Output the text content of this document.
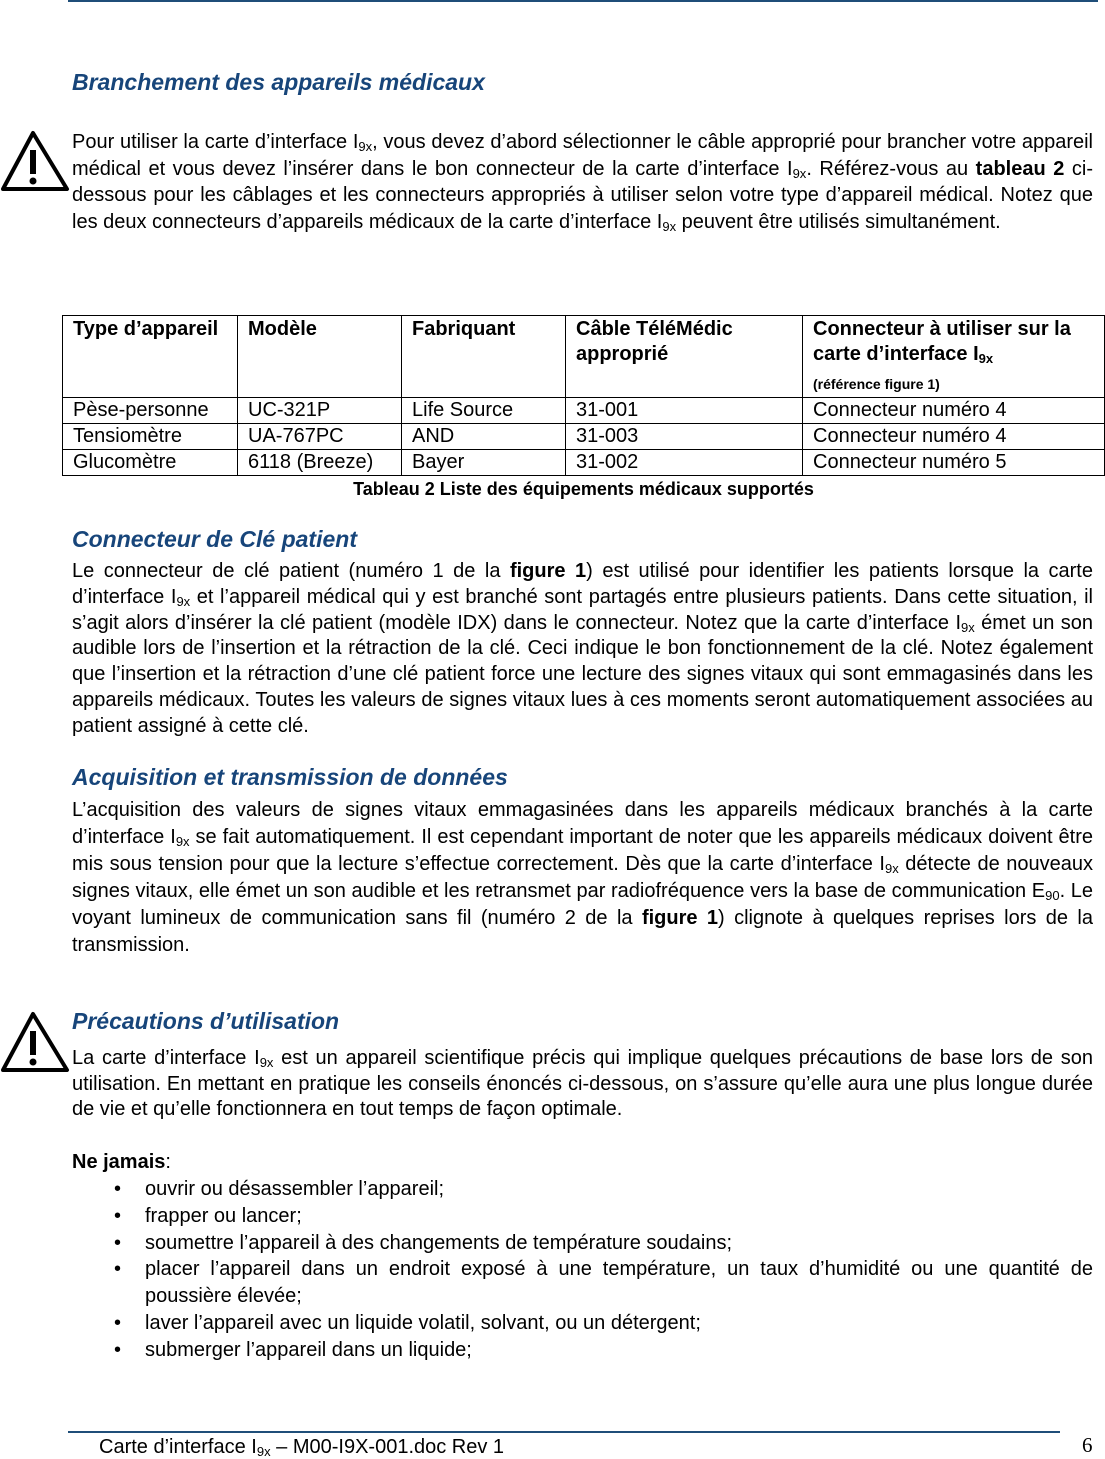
Branchement des appareils médicaux

Pour utiliser la carte d’interface $I_{9x}$, vous devez d’abord sélectionner le câble approprié pour brancher votre appareil médical et vous devez l’insérer dans le bon connecteur de la carte d’interface $I_{9x}$. Référez-vous au tableau 2 ci-dessous pour les câblages et les connecteurs appropriés à utiliser selon votre type d’appareil médical. Notez que les deux connecteurs d’appareils médicaux de la carte d’interface $I_{9x}$ peuvent être utilisés simultanément.

Type d’appareil	Modèle	Fabriquant	Câble TéléMédic approprié	Connecteur à utiliser sur la carte d’interface $I_{9x}$
(référence figure 1)

Pèse-personne	UC-321P	Life Source	31-001	Connecteur numéro 4
Tensiomètre	UA-767PC	AND	31-003	Connecteur numéro 4
Glucomètre	6118 (Breeze)	Bayer	31-002	Connecteur numéro 5
Tableau 2 Liste des équipements médicaux supportés
Connecteur de Clé patient

Le connecteur de clé patient (numéro 1 de la figure 1) est utilisé pour identifier les patients lorsque la carte d’interface $I_{9x}$ et l’appareil médical qui y est branché sont partagés entre plusieurs patients. Dans cette situation, il s’agit alors d’insérer la clé patient (modèle IDX) dans le connecteur. Notez que la carte d’interface $I_{9x}$ émet un son audible lors de l’insertion et la rétraction de la clé. Ceci indique le bon fonctionnement de la clé. Notez également que l’insertion et la rétraction d’une clé patient force une lecture des signes vitaux qui sont emmagasinés dans les appareils médicaux. Toutes les valeurs de signes vitaux lues à ces moments seront automatiquement associées au patient assigné à cette clé.

Acquisition et transmission de données

L’acquisition des valeurs de signes vitaux emmagasinées dans les appareils médicaux branchés à la carte d’interface $I_{9x}$ se fait automatiquement. Il est cependant important de noter que les appareils médicaux doivent être mis sous tension pour que la lecture s’effectue correctement. Dès que la carte d’interface $I_{9x}$ détecte de nouveaux signes vitaux, elle émet un son audible et les retransmet par radiofréquence vers la base de communication $E_{90}$. Le voyant lumineux de communication sans fil (numéro 2 de la figure 1) clignote à quelques reprises lors de la transmission.

Précautions d’utilisation

La carte d’interface $I_{9x}$ est un appareil scientifique précis qui implique quelques précautions de base lors de son utilisation. En mettant en pratique les conseils énoncés ci-dessous, on s’assure qu’elle aura une plus longue durée de vie et qu’elle fonctionnera en tout temps de façon optimale.

Ne jamais:

• ouvrir ou désassembler l’appareil;
• frapper ou lancer;
• soumettre l’appareil à des changements de température soudains;
• placer l’appareil dans un endroit exposé à une température, un taux d’humidité ou une quantité de poussière élevée;
• laver l’appareil avec un liquide volatil, solvant, ou un détergent;
• submerger l’appareil dans un liquide;
Carte d’interface $I_{9x} - M00-I9X-001.doc$ Rev 1	6
